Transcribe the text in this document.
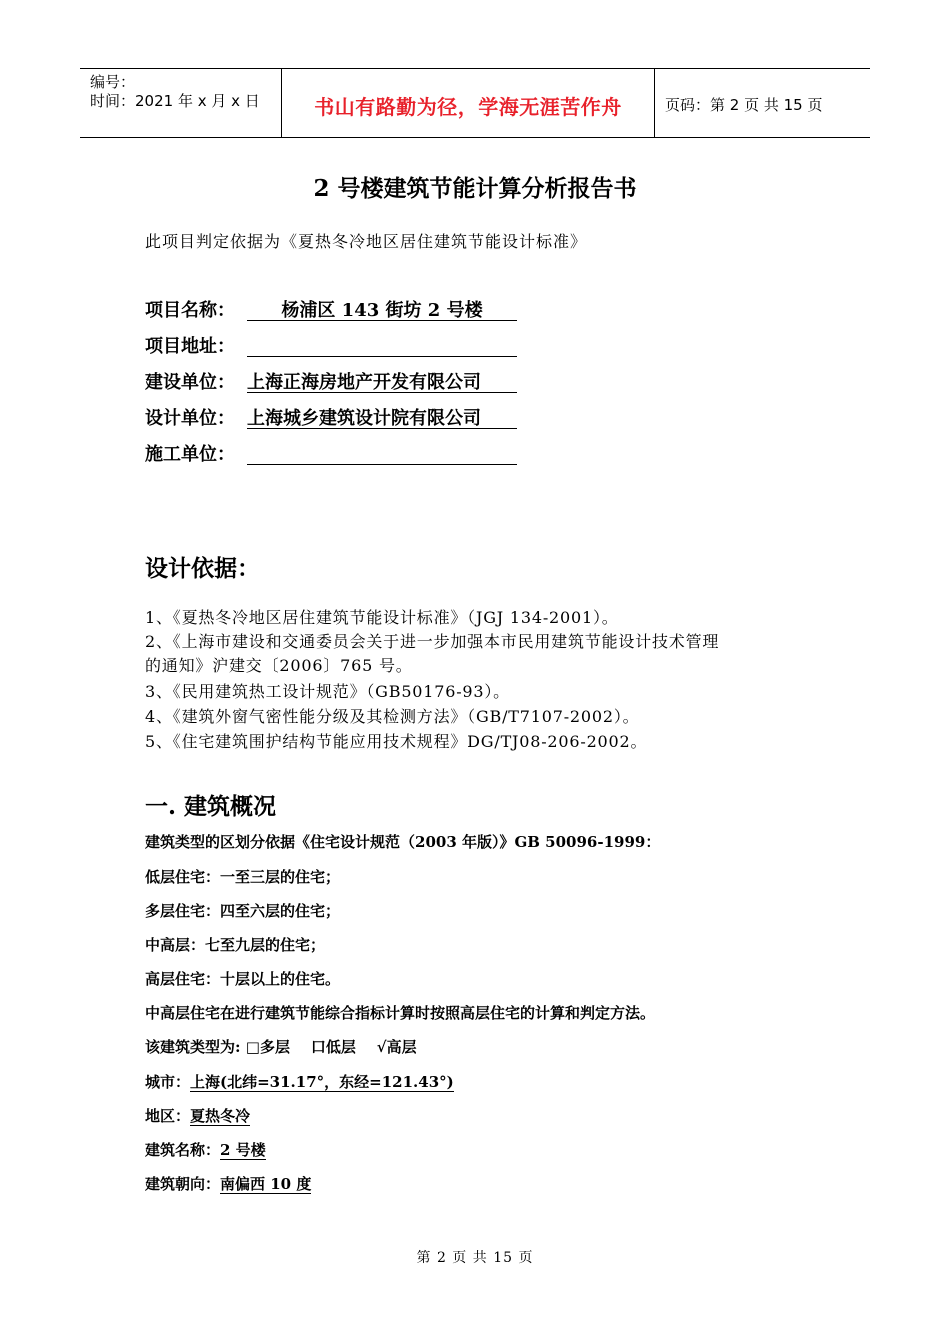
编号：
时间：2021 年 x 月 x 日	书山有路勤为径，学海无涯苦作舟	页码：第 2 页 共 15 页
2 号楼建筑节能计算分析报告书
此项目判定依据为《夏热冬冷地区居住建筑节能设计标准》
项目名称：	杨浦区 143 街坊 2 号楼
项目地址：
建设单位： 上海正海房地产开发有限公司
设计单位： 上海城乡建筑设计院有限公司
施工单位：
设计依据：
1、《夏热冬冷地区居住建筑节能设计标准》（JGJ 134-2001）。
2、《上海市建设和交通委员会关于进一步加强本市民用建筑节能设计技术管理
的通知》沪建交〔2006〕765 号。
3、《民用建筑热工设计规范》（GB50176-93）。
4、《建筑外窗气密性能分级及其检测方法》（GB/T7107-2002）。
5、《住宅建筑围护结构节能应用技术规程》DG/TJ08-206-2002。
一. 建筑概况
建筑类型的区划分依据《住宅设计规范（2003 年版）》GB 50096-1999：
低层住宅：一至三层的住宅；
多层住宅：四至六层的住宅；
中高层：七至九层的住宅；
高层住宅：十层以上的住宅。
中高层住宅在进行建筑节能综合指标计算时按照高层住宅的计算和判定方法。
该建筑类型为: □多层 口低层 √高层
城市：上海(北纬=31.17°，东经=121.43°)
地区：夏热冬冷
建筑名称：2 号楼
建筑朝向：南偏西 10 度
第 2 页 共 15 页
